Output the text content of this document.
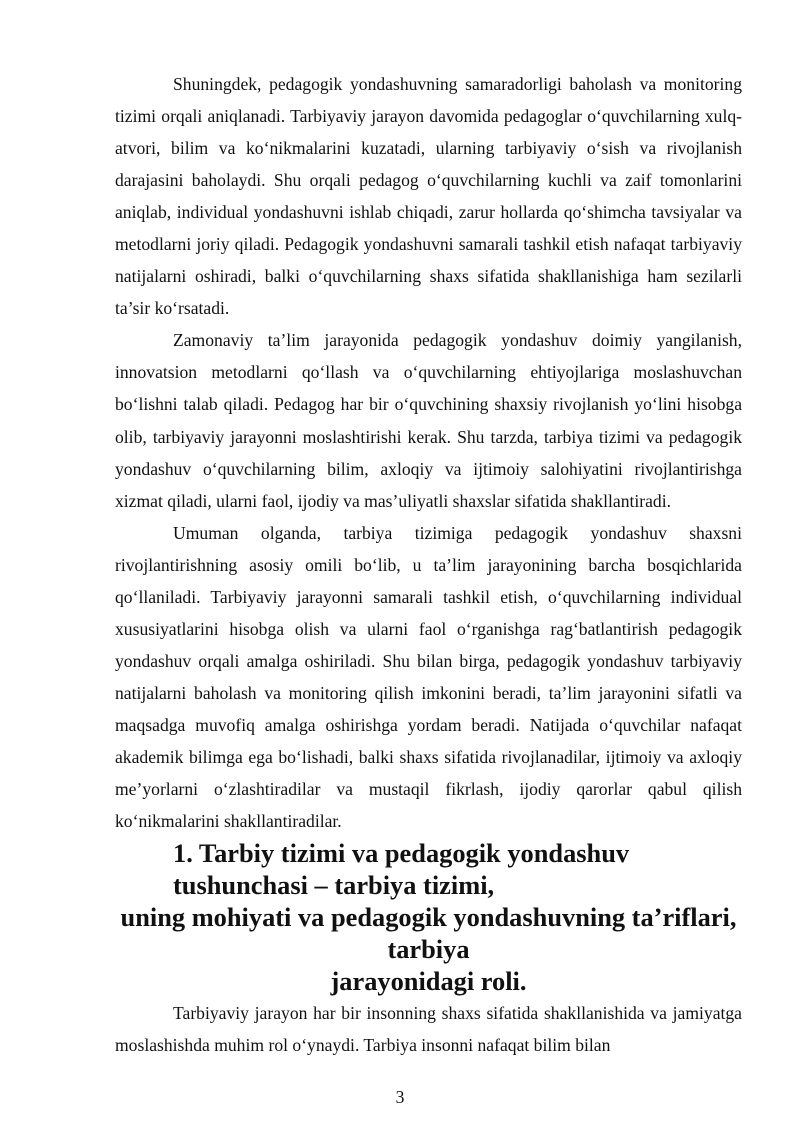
Shuningdek, pedagogik yondashuvning samaradorligi baholash va monitoring tizimi orqali aniqlanadi. Tarbiyaviy jarayon davomida pedagoglar o‘quvchilarning xulq-atvori, bilim va ko‘nikmalarini kuzatadi, ularning tarbiyaviy o‘sish va rivojlanish darajasini baholaydi. Shu orqali pedagog o‘quvchilarning kuchli va zaif tomonlarini aniqlab, individual yondashuvni ishlab chiqadi, zarur hollarda qo‘shimcha tavsiyalar va metodlarni joriy qiladi. Pedagogik yondashuvni samarali tashkil etish nafaqat tarbiyaviy natijalarni oshiradi, balki o‘quvchilarning shaxs sifatida shakllanishiga ham sezilarli ta’sir ko‘rsatadi.

Zamonaviy ta’lim jarayonida pedagogik yondashuv doimiy yangilanish, innovatsion metodlarni qo‘llash va o‘quvchilarning ehtiyojlariga moslashuvchan bo‘lishni talab qiladi. Pedagog har bir o‘quvchining shaxsiy rivojlanish yo‘lini hisobga olib, tarbiyaviy jarayonni moslashtirishi kerak. Shu tarzda, tarbiya tizimi va pedagogik yondashuv o‘quvchilarning bilim, axloqiy va ijtimoiy salohiyatini rivojlantirishga xizmat qiladi, ularni faol, ijodiy va mas’uliyatli shaxslar sifatida shakllantiradi.

Umuman olganda, tarbiya tizimiga pedagogik yondashuv shaxsni rivojlantirishning asosiy omili bo‘lib, u ta’lim jarayonining barcha bosqichlarida qo‘llaniladi. Tarbiyaviy jarayonni samarali tashkil etish, o‘quvchilarning individual xususiyatlarini hisobga olish va ularni faol o‘rganishga rag‘batlantirish pedagogik yondashuv orqali amalga oshiriladi. Shu bilan birga, pedagogik yondashuv tarbiyaviy natijalarni baholash va monitoring qilish imkonini beradi, ta’lim jarayonini sifatli va maqsadga muvofiq amalga oshirishga yordam beradi. Natijada o‘quvchilar nafaqat akademik bilimga ega bo‘lishadi, balki shaxs sifatida rivojlanadilar, ijtimoiy va axloqiy me’yorlarni o‘zlashtiradilar va mustaqil fikrlash, ijodiy qarorlar qabul qilish ko‘nikmalarini shakllantiradilar.

1. Tarbiy tizimi va pedagogik yondashuv tushunchasi – tarbiya tizimi,
uning mohiyati va pedagogik yondashuvning ta’riflari, tarbiya
jarayonidagi roli.

Tarbiyaviy jarayon har bir insonning shaxs sifatida shakllanishida va jamiyatga moslashishda muhim rol o‘ynaydi. Tarbiya insonni nafaqat bilim bilan

3
